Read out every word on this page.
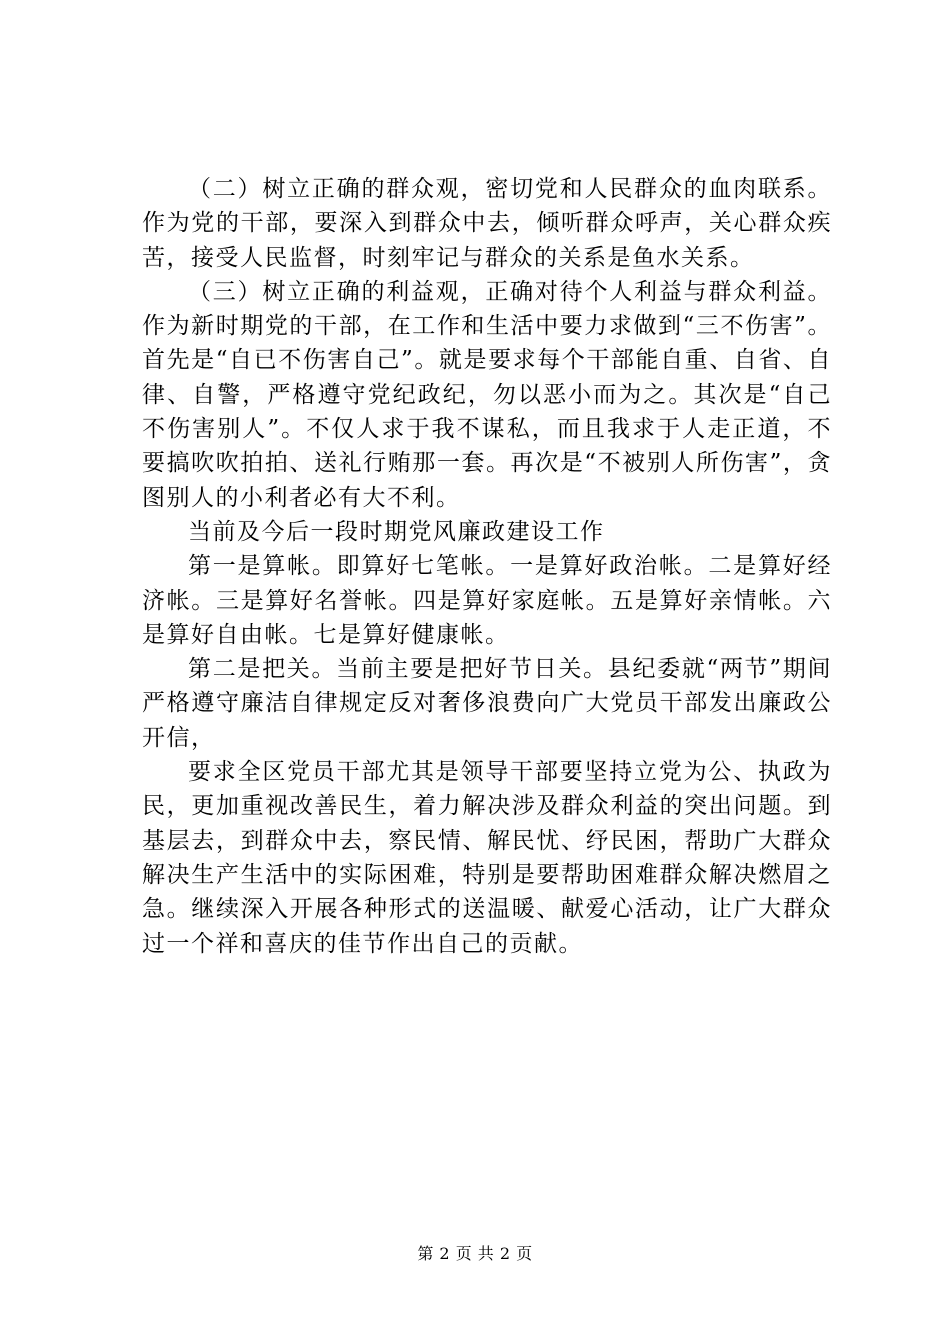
（二）树立正确的群众观，密切党和人民群众的血肉联系。作为党的干部，要深入到群众中去，倾听群众呼声，关心群众疾苦，接受人民监督，时刻牢记与群众的关系是鱼水关系。

（三）树立正确的利益观，正确对待个人利益与群众利益。作为新时期党的干部，在工作和生活中要力求做到“三不伤害”。首先是“自已不伤害自己”。就是要求每个干部能自重、自省、自律、自警，严格遵守党纪政纪，勿以恶小而为之。其次是“自己不伤害别人”。不仅人求于我不谋私，而且我求于人走正道，不要搞吹吹拍拍、送礼行贿那一套。再次是“不被别人所伤害”，贪图别人的小利者必有大不利。

当前及今后一段时期党风廉政建设工作

第一是算帐。即算好七笔帐。一是算好政治帐。二是算好经济帐。三是算好名誉帐。四是算好家庭帐。五是算好亲情帐。六是算好自由帐。七是算好健康帐。

第二是把关。当前主要是把好节日关。县纪委就“两节”期间严格遵守廉洁自律规定反对奢侈浪费向广大党员干部发出廉政公开信，

要求全区党员干部尤其是领导干部要坚持立党为公、执政为民，更加重视改善民生，着力解决涉及群众利益的突出问题。到基层去，到群众中去，察民情、解民忧、纾民困，帮助广大群众解决生产生活中的实际困难，特别是要帮助困难群众解决燃眉之急。继续深入开展各种形式的送温暖、献爱心活动，让广大群众过一个祥和喜庆的佳节作出自己的贡献。

第 2 页 共 2 页
